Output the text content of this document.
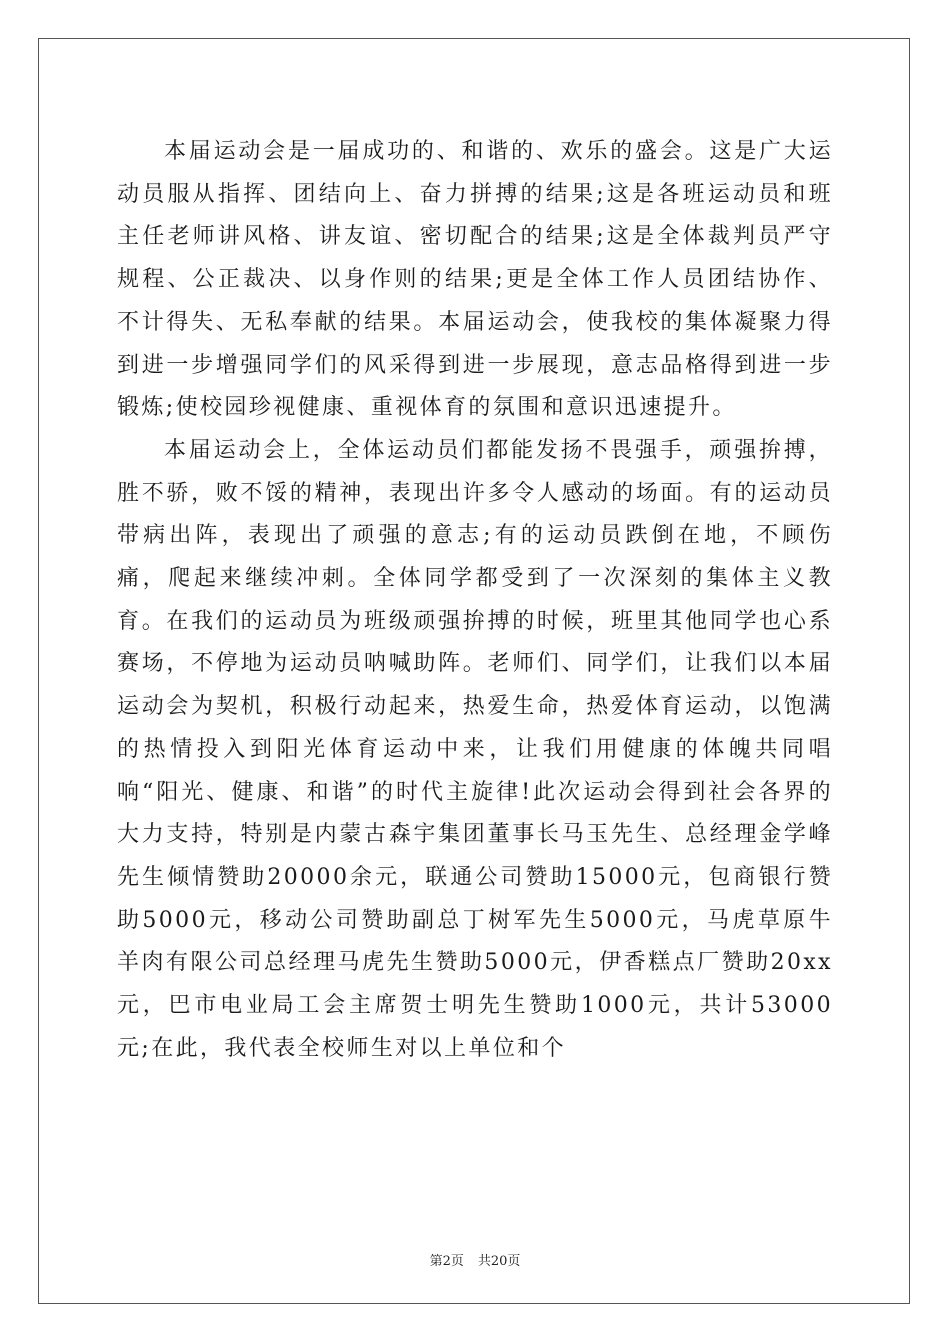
本届运动会是一届成功的、和谐的、欢乐的盛会。这是广大运动员服从指挥、团结向上、奋力拼搏的结果;这是各班运动员和班主任老师讲风格、讲友谊、密切配合的结果;这是全体裁判员严守规程、公正裁决、以身作则的结果;更是全体工作人员团结协作、不计得失、无私奉献的结果。本届运动会，使我校的集体凝聚力得到进一步增强同学们的风采得到进一步展现，意志品格得到进一步锻炼;使校园珍视健康、重视体育的氛围和意识迅速提升。

本届运动会上，全体运动员们都能发扬不畏强手，顽强拚搏，胜不骄，败不馁的精神，表现出许多令人感动的场面。有的运动员带病出阵，表现出了顽强的意志;有的运动员跌倒在地，不顾伤痛，爬起来继续冲刺。全体同学都受到了一次深刻的集体主义教育。在我们的运动员为班级顽强拚搏的时候，班里其他同学也心系赛场，不停地为运动员呐喊助阵。老师们、同学们，让我们以本届运动会为契机，积极行动起来，热爱生命，热爱体育运动，以饱满的热情投入到阳光体育运动中来，让我们用健康的体魄共同唱响“阳光、健康、和谐”的时代主旋律!此次运动会得到社会各界的大力支持，特别是内蒙古森宇集团董事长马玉先生、总经理金学峰先生倾情赞助20000余元，联通公司赞助15000元，包商银行赞助5000元，移动公司赞助副总丁树军先生5000元，马虎草原牛羊肉有限公司总经理马虎先生赞助5000元，伊香糕点厂赞助20xx元，巴市电业局工会主席贺士明先生赞助1000元，共计53000元;在此，我代表全校师生对以上单位和个

第2页 共20页
